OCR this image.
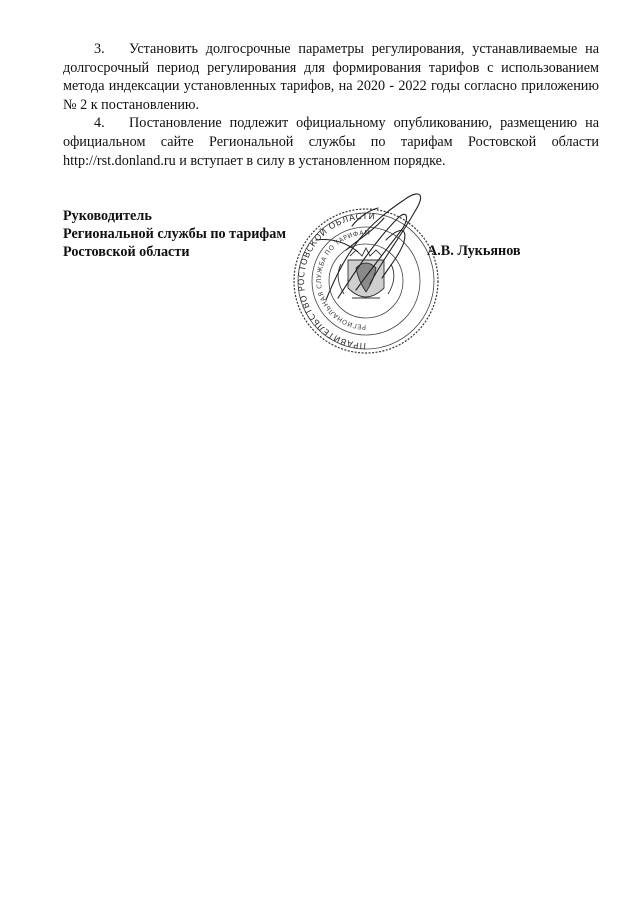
3. Установить долгосрочные параметры регулирования, устанавливаемые на долгосрочный период регулирования для формирования тарифов с использованием метода индексации установленных тарифов, на 2020 - 2022 годы согласно приложению № 2 к постановлению.

4. Постановление подлежит официальному опубликованию, размещению на официальном сайте Региональной службы по тарифам Ростовской области http://rst.donland.ru и вступает в силу в установленном порядке.

Руководитель
Региональной службы по тарифам
Ростовской области
ПРАВИТЕЛЬСТВО РОСТОВСКОЙ ОБЛАСТИ
РЕГИОНАЛЬНАЯ СЛУЖБА ПО ТАРИФАМ
А.В. Лукьянов
